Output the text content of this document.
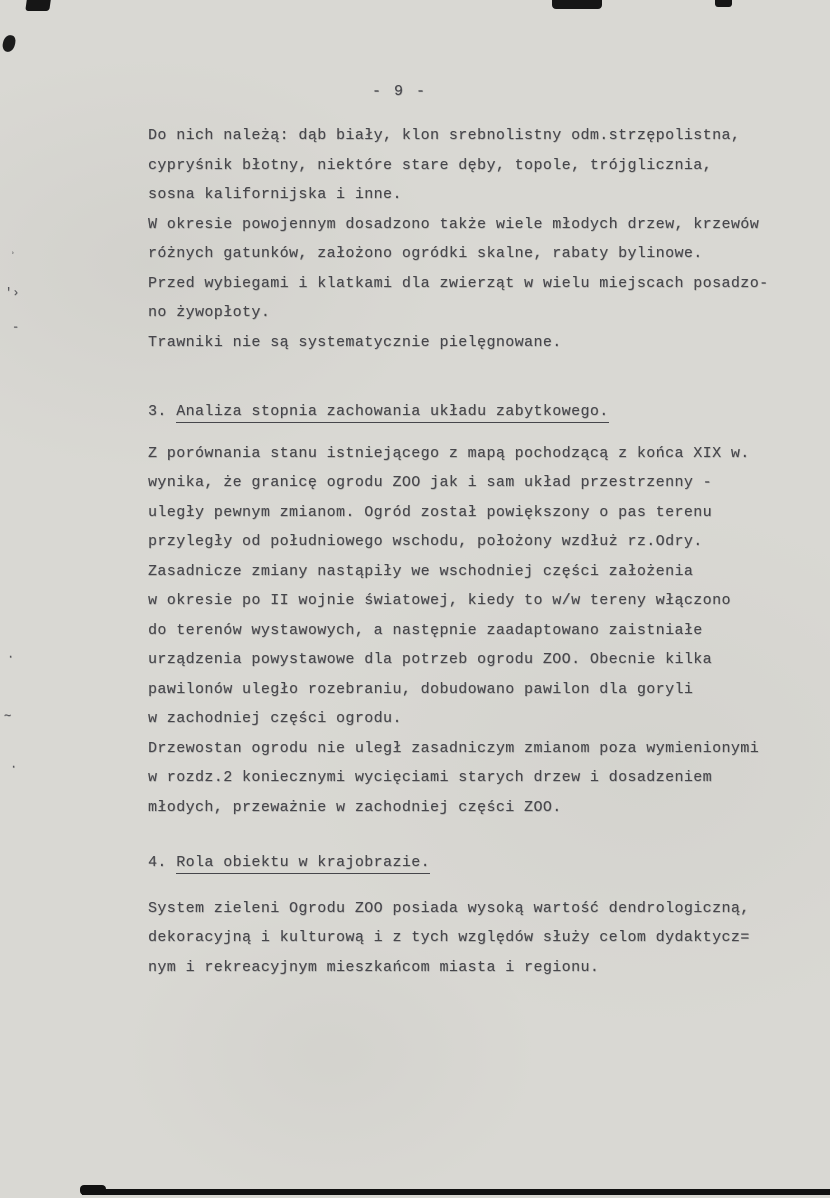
ʾ
′›
-
·
∼
·
- 9 -
Do nich należą: dąb biały, klon srebnolistny odm.strzępolistna,
cypryśnik błotny, niektóre stare dęby, topole, trójglicznia,
sosna kalifornijska i inne.
W okresie powojennym dosadzono także wiele młodych drzew, krzewów
różnych gatunków, założono ogródki skalne, rabaty bylinowe.
Przed wybiegami i klatkami dla zwierząt w wielu miejscach posadzo-
no żywopłoty.
Trawniki nie są systematycznie pielęgnowane.
3. Analiza stopnia zachowania układu zabytkowego.
Z porównania stanu istniejącego z mapą pochodzącą z końca XIX w.
wynika, że granicę ogrodu ZOO jak i sam układ przestrzenny -
uległy pewnym zmianom. Ogród został powiększony o pas terenu
przyległy od południowego wschodu, położony wzdłuż rz.Odry.
Zasadnicze zmiany nastąpiły we wschodniej części założenia
w okresie po II wojnie światowej, kiedy to w/w tereny włączono
do terenów wystawowych, a następnie zaadaptowano zaistniałe
urządzenia powystawowe dla potrzeb ogrodu ZOO. Obecnie kilka
pawilonów uległo rozebraniu, dobudowano pawilon dla goryli
w zachodniej części ogrodu.
Drzewostan ogrodu nie uległ zasadniczym zmianom poza wymienionymi
w rozdz.2 koniecznymi wycięciami starych drzew i dosadzeniem
młodych, przeważnie w zachodniej części ZOO.
4. Rola obiektu w krajobrazie.
System zieleni Ogrodu ZOO posiada wysoką wartość dendrologiczną,
dekoracyjną i kulturową i z tych względów służy celom dydaktycz=
nym i rekreacyjnym mieszkańcom miasta i regionu.
